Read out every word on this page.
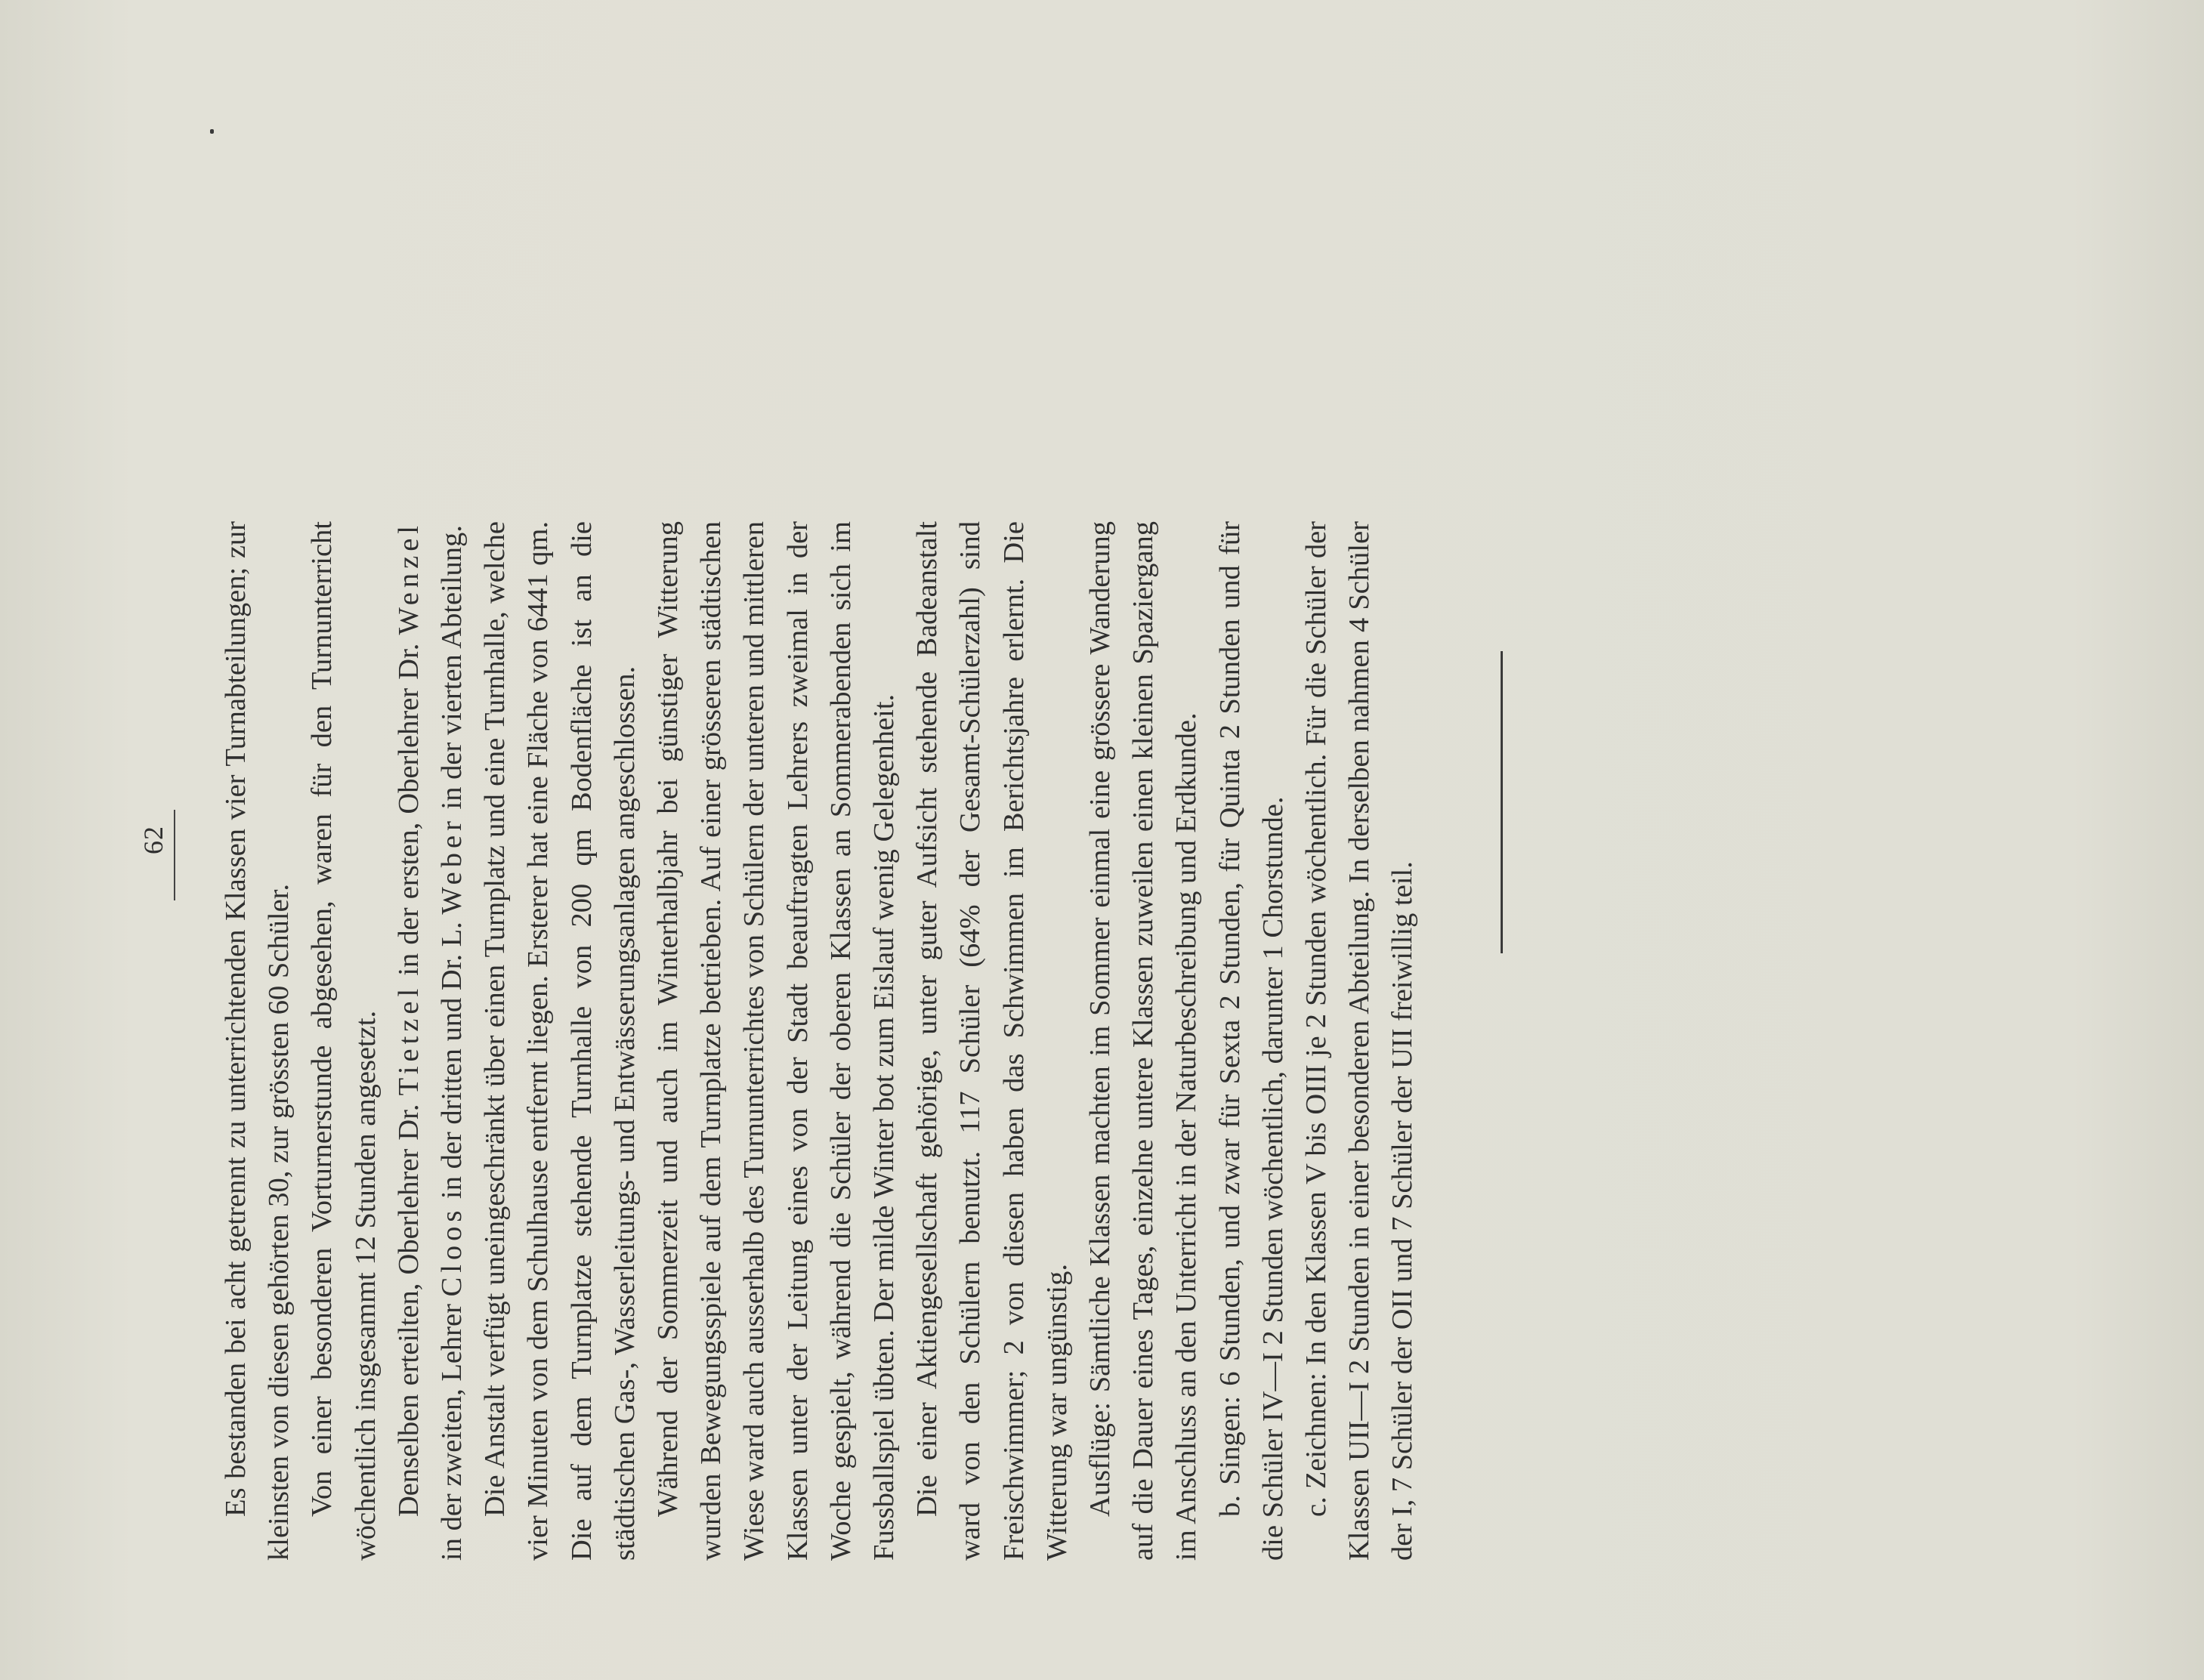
62 Es bestanden bei acht getrennt zu unterrichtenden Klassen vier Turnabteilungen; zur kleinsten von diesen gehörten 30, zur grössten 60 Schüler. Von einer besonderen Vorturnerstunde abgesehen, waren für den Turnunterricht wöchentlich insgesammt 12 Stunden angesetzt. Denselben erteilten, Oberlehrer Dr. Tietzel in der ersten, Oberlehrer Dr. Wenzel in der zweiten, Lehrer Cloos in der dritten und Dr. L. Weber in der vierten Abteilung. Die Anstalt verfügt uneingeschränkt über einen Turnplatz und eine Turnhalle, welche vier Minuten von dem Schulhause entfernt liegen. Ersterer hat eine Fläche von 6441 qm. Die auf dem Turnplatze stehende Turnhalle von 200 qm Bodenfläche ist an die städtischen Gas-, Wasserleitungs- und Entwässerungsanlagen angeschlossen. Während der Sommerzeit und auch im Winterhalbjahr bei günstiger Witterung wurden Bewegungsspiele auf dem Turnplatze betrieben. Auf einer grösseren städtischen Wiese ward auch ausserhalb des Turnunterrichtes von Schülern der unteren und mittleren Klassen unter der Leitung eines von der Stadt beauftragten Lehrers zweimal in der Woche gespielt, während die Schüler der oberen Klassen an Sommerabenden sich im Fussballspiel übten. Der milde Winter bot zum Eislauf wenig Gelegenheit. Die einer Aktiengesellschaft gehörige, unter guter Aufsicht stehende Badeanstalt ward von den Schülern benutzt. 117 Schüler (64% der Gesamt-Schülerzahl) sind Freischwimmer; 2 von diesen haben das Schwimmen im Berichtsjahre erlernt. Die Witterung war ungünstig. Ausflüge: Sämtliche Klassen machten im Sommer einmal eine grössere Wanderung auf die Dauer eines Tages, einzelne untere Klassen zuweilen einen kleinen Spaziergang im Anschluss an den Unterricht in der Naturbeschreibung und Erdkunde. b. Singen: 6 Stunden, und zwar für Sexta 2 Stunden, für Quinta 2 Stunden und für die Schüler IV—I 2 Stunden wöchentlich, darunter 1 Chorstunde. c. Zeichnen: In den Klassen V bis OIII je 2 Stunden wöchentlich. Für die Schüler der Klassen UII—I 2 Stunden in einer besonderen Abteilung. In derselben nahmen 4 Schüler der I, 7 Schüler der OII und 7 Schüler der UII freiwillig teil.
